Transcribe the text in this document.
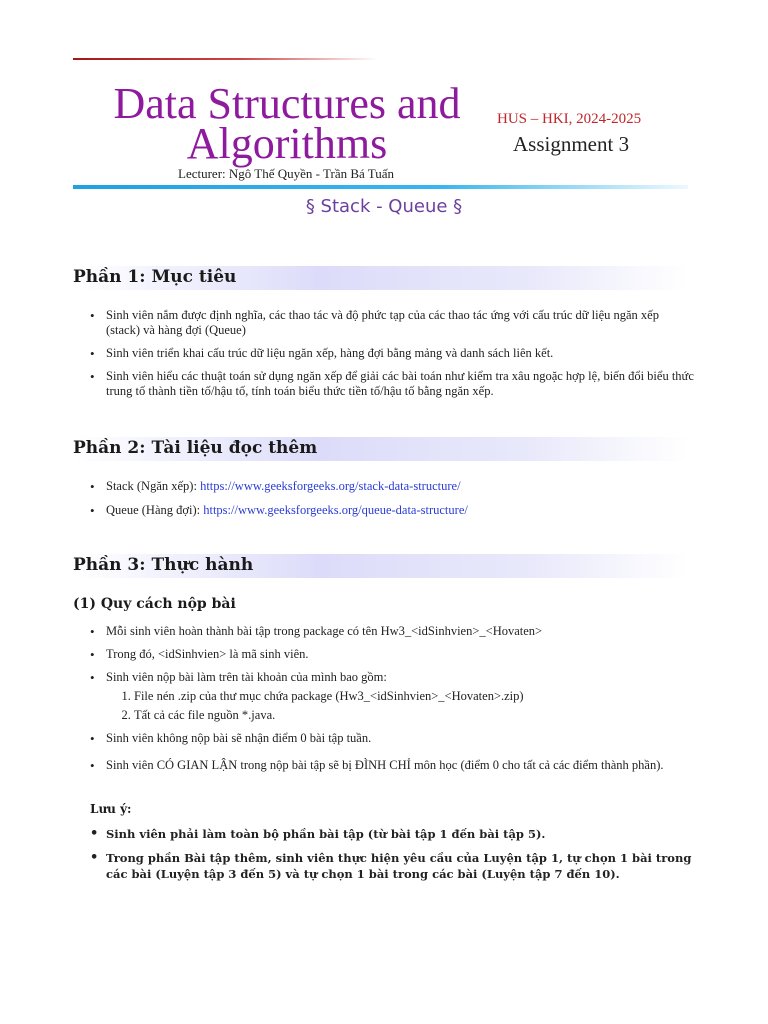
Data Structures and
Algorithms	HUS – HKI, 2024-2025
Assignment 3
Lecturer: Ngô Thế Quyền - Trần Bá Tuấn
§ Stack - Queue §
Phần 1: Mục tiêu
• Sinh viên nắm được định nghĩa, các thao tác và độ phức tạp của các thao tác ứng với cấu trúc dữ liệu ngăn xếp (stack) và hàng đợi (Queue)
• Sinh viên triển khai cấu trúc dữ liệu ngăn xếp, hàng đợi bằng mảng và danh sách liên kết.
• Sinh viên hiểu các thuật toán sử dụng ngăn xếp để giải các bài toán như kiểm tra xâu ngoặc hợp lệ, biến đổi biểu thức trung tố thành tiền tố/hậu tố, tính toán biểu thức tiền tố/hậu tố bằng ngăn xếp.
Phần 2: Tài liệu đọc thêm
• Stack (Ngăn xếp): https://www.geeksforgeeks.org/stack-data-structure/
• Queue (Hàng đợi): https://www.geeksforgeeks.org/queue-data-structure/
Phần 3: Thực hành
(1) Quy cách nộp bài
• Mỗi sinh viên hoàn thành bài tập trong package có tên Hw3_<idSinhvien>_<Hovaten>
• Trong đó, <idSinhvien> là mã sinh viên.
• Sinh viên nộp bài làm trên tài khoản của mình bao gồm:
1. File nén .zip của thư mục chứa package (Hw3_<idSinhvien>_<Hovaten>.zip)
2. Tất cả các file nguồn *.java.
• Sinh viên không nộp bài sẽ nhận điểm 0 bài tập tuần.
• Sinh viên CÓ GIAN LẬN trong nộp bài tập sẽ bị ĐÌNH CHỈ môn học (điểm 0 cho tất cả các điểm thành phần).
Lưu ý:
• Sinh viên phải làm toàn bộ phần bài tập (từ bài tập 1 đến bài tập 5).
• Trong phần Bài tập thêm, sinh viên thực hiện yêu cầu của Luyện tập 1, tự chọn 1 bài trong các bài (Luyện tập 3 đến 5) và tự chọn 1 bài trong các bài (Luyện tập 7 đến 10).
